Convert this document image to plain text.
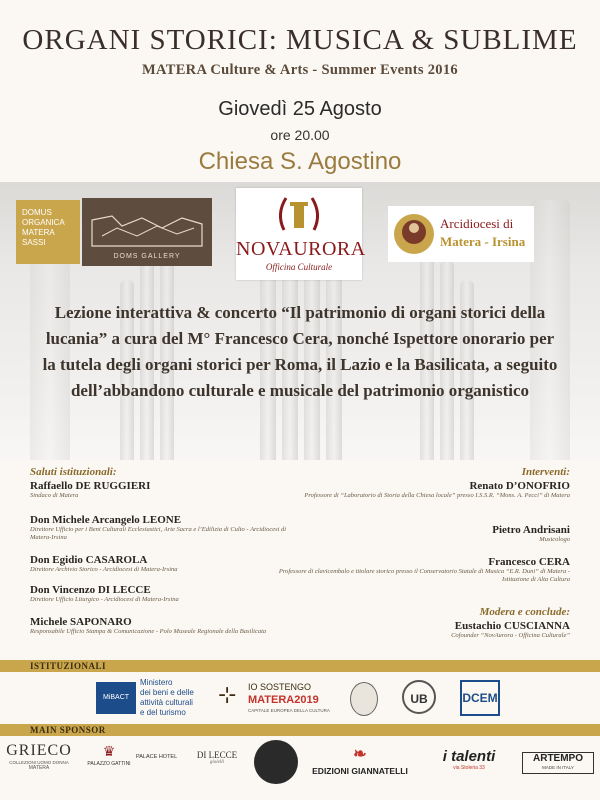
ORGANI STORICI: MUSICA & SUBLIME
MATERA Culture & Arts - Summer Events 2016
Giovedì 25 Agosto
ore 20.00
Chiesa S. Agostino
DOMUS
ORGANICA
MATERA
SASSI
DOMS GALLERY	NOVAURORA
Officina Culturale
Arcidiocesi di
Matera - Irsina
Lezione interattiva & concerto “Il patrimonio di organi storici della lucania” a cura del M° Francesco Cera, nonché Ispettore onorario per la tutela degli organi storici per Roma, il Lazio e la Basilicata, a seguito dell’abbandono culturale e musicale del patrimonio organistico
Saluti istituzionali:
Raffaello DE RUGGIERI
Sindaco di Matera
Don Michele Arcangelo LEONE
Direttore Ufficio per i Beni Culturali Ecclesiastici, Arte Sacra e l’Edilizia di Culto - Arcidiocesi di Matera-Irsina
Don Egidio CASAROLA
Direttore Archivio Storico - Arcidiocesi di Matera-Irsina
Don Vincenzo DI LECCE
Direttore Ufficio Liturgico - Arcidiocesi di Matera-Irsina
Michele SAPONARO
Responsabile Ufficio Stampa & Comunicazione - Polo Museale Regionale della Basilicata
Interventi:
Renato D’ONOFRIO
Professore di “Laboratorio di Storia della Chiesa locale” presso I.S.S.R. “Mons. A. Pecci” di Matera
Pietro Andrisani
Musicologo
Francesco CERA
Professore di clavicembalo e titolare storico presso il Conservatorio Statale di Musica “E.R. Duni” di Matera - Istituzione di Alta Cultura
Modera e conclude:
Eustachio CUSCIANNA
Cofounder “NovAurora - Officina Culturale”
ISTITUZIONALI
MiBACT
Ministero
dei beni e delle
attività culturali
e del turismo
⊹	IO SOSTENGO
MATERA2019
CAPITALE EUROPEA DELLA CULTURA
UB	DCEM
MAIN SPONSOR
GRIECO
COLLEZIONI UOMO DONNA
MATERA
♛
PALAZZO GATTINI
PALACE HOTEL	DI LECCE
gioielli	❧
EDIZIONI GIANNATELLI
i talenti
via Stoleria 33
ARTEMPO
MADE IN ITALY
